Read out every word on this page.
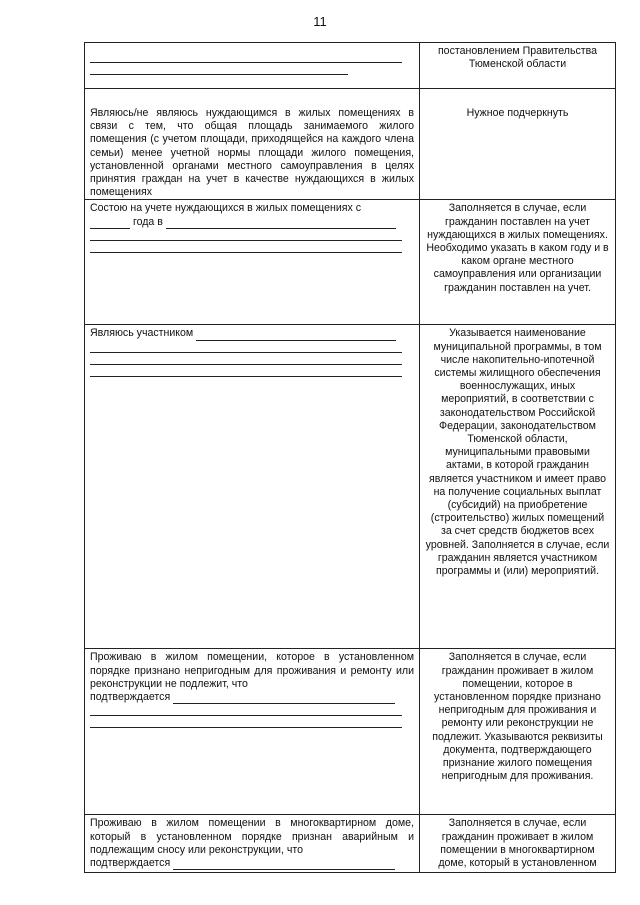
11
	постановлением Правительства Тюменской области

Являюсь/не являюсь нуждающимся в жилых помещениях в связи с тем, что общая площадь занимаемого жилого помещения (с учетом площади, приходящейся на каждого члена семьи) менее учетной нормы площади жилого помещения, установленной органами местного самоуправления в целях принятия граждан на учет в качестве нуждающихся в жилых помещениях	Нужное подчеркнуть

Состою на учете нуждающихся в жилых помещениях с
года в	Заполняется в случае, если гражданин поставлен на учет нуждающихся в жилых помещениях. Необходимо указать в каком году и в каком органе местного самоуправления или организации гражданин поставлен на учет.

Являюсь участником	Указывается наименование муниципальной программы, в том числе накопительно-ипотечной системы жилищного обеспечения военнослужащих, иных мероприятий, в соответствии с законодательством Российской Федерации, законодательством Тюменской области, муниципальными правовыми актами, в которой гражданин является участником и имеет право на получение социальных выплат (субсидий) на приобретение (строительство) жилых помещений за счет средств бюджетов всех уровней. Заполняется в случае, если гражданин является участником программы и (или) мероприятий.

Проживаю в жилом помещении, которое в установленном порядке признано непригодным для проживания и ремонту или реконструкции не подлежит, что
подтверждается	Заполняется в случае, если гражданин проживает в жилом помещении, которое в установленном порядке признано непригодным для проживания и ремонту или реконструкции не подлежит. Указываются реквизиты документа, подтверждающего признание жилого помещения непригодным для проживания.

Проживаю в жилом помещении в многоквартирном доме, который в установленном порядке признан аварийным и подлежащим сносу или реконструкции, что
подтверждается	Заполняется в случае, если гражданин проживает в жилом помещении в многоквартирном доме, который в установленном
